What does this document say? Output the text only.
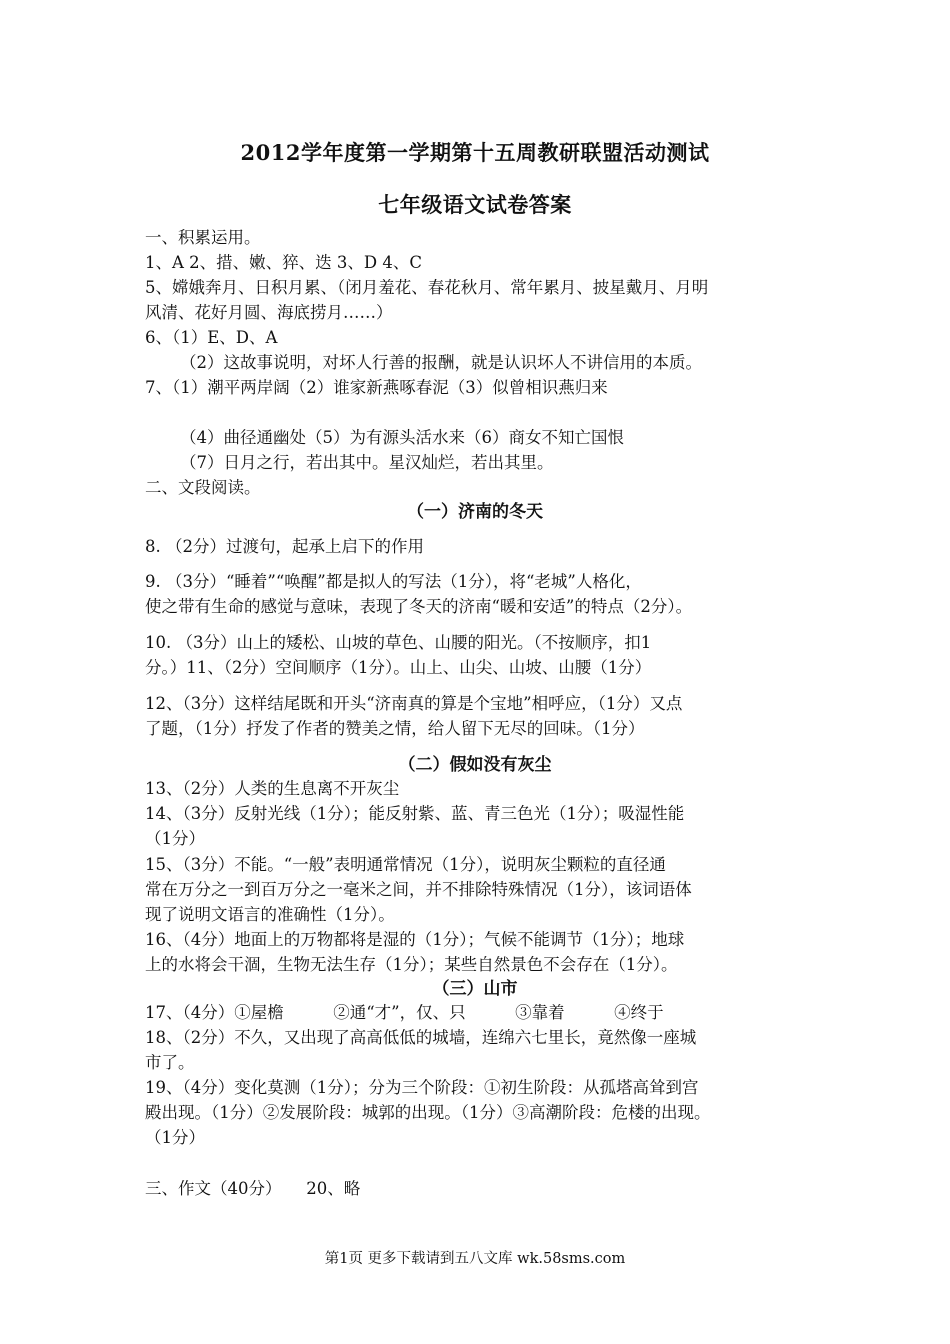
2012学年度第一学期第十五周教研联盟活动测试
七年级语文试卷答案
一、积累运用。
1、A 2、措、嫩、猝、迭 3、D 4、C
5、嫦娥奔月、日积月累、（闭月羞花、春花秋月、常年累月、披星戴月、月明
风清、花好月圆、海底捞月……）
6、（1）E、D、A
（2）这故事说明，对坏人行善的报酬，就是认识坏人不讲信用的本质。
7、（1）潮平两岸阔（2）谁家新燕啄春泥（3）似曾相识燕归来
（4）曲径通幽处（5）为有源头活水来（6）商女不知亡国恨
（7）日月之行，若出其中。星汉灿烂，若出其里。
二、文段阅读。
（一）济南的冬天
8. （2分）过渡句，起承上启下的作用
9. （3分）“睡着”“唤醒”都是拟人的写法（1分），将“老城”人格化，
使之带有生命的感觉与意味，表现了冬天的济南“暖和安适”的特点（2分）。
10. （3分）山上的矮松、山坡的草色、山腰的阳光。（不按顺序，扣1
分。）11、（2分）空间顺序（1分）。山上、山尖、山坡、山腰（1分）
12、（3分）这样结尾既和开头“济南真的算是个宝地”相呼应，（1分）又点
了题，（1分）抒发了作者的赞美之情，给人留下无尽的回味。（1分）
（二）假如没有灰尘
13、（2分）人类的生息离不开灰尘
14、（3分）反射光线（1分）；能反射紫、蓝、青三色光（1分）；吸湿性能
（1分）
15、（3分）不能。“一般”表明通常情况（1分），说明灰尘颗粒的直径通
常在万分之一到百万分之一毫米之间，并不排除特殊情况（1分），该词语体
现了说明文语言的准确性（1分）。
16、（4分）地面上的万物都将是湿的（1分）；气候不能调节（1分）；地球
上的水将会干涸，生物无法生存（1分）；某些自然景色不会存在（1分）。
（三）山市
17、（4分）①屋檐　　　②通“才”，仅、只　　　③靠着　　　④终于
18、（2分）不久，又出现了高高低低的城墙，连绵六七里长，竟然像一座城
市了。
19、（4分）变化莫测（1分）；分为三个阶段：①初生阶段：从孤塔高耸到宫
殿出现。（1分）②发展阶段：城郭的出现。（1分）③高潮阶段：危楼的出现。
（1分）
三、作文（40分）　　20、略
第1页 更多下载请到五八文库 wk.58sms.com
